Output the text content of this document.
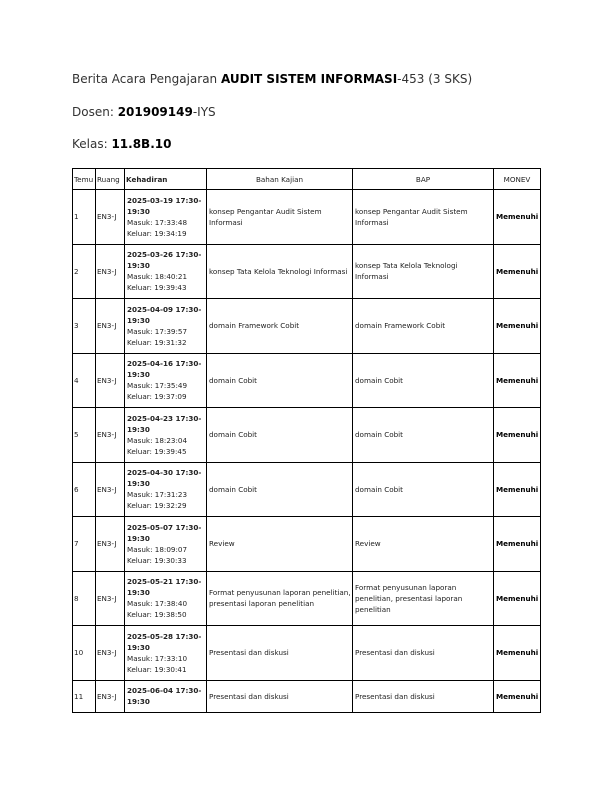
Berita Acara Pengajaran AUDIT SISTEM INFORMASI-453 (3 SKS)
Dosen: 201909149-IYS
Kelas: 11.8B.10
Temu	Ruang	Kehadiran	Bahan Kajian	BAP	MONEV
1	EN3-J	2025-03-19 17:30-19:30
Masuk: 17:33:48
Keluar: 19:34:19	konsep Pengantar Audit Sistem Informasi	konsep Pengantar Audit Sistem Informasi	Memenuhi
2	EN3-J	2025-03-26 17:30-19:30
Masuk: 18:40:21
Keluar: 19:39:43	konsep Tata Kelola Teknologi Informasi	konsep Tata Kelola Teknologi Informasi	Memenuhi
3	EN3-J	2025-04-09 17:30-19:30
Masuk: 17:39:57
Keluar: 19:31:32	domain Framework Cobit	domain Framework Cobit	Memenuhi
4	EN3-J	2025-04-16 17:30-19:30
Masuk: 17:35:49
Keluar: 19:37:09	domain Cobit	domain Cobit	Memenuhi
5	EN3-J	2025-04-23 17:30-19:30
Masuk: 18:23:04
Keluar: 19:39:45	domain Cobit	domain Cobit	Memenuhi
6	EN3-J	2025-04-30 17:30-19:30
Masuk: 17:31:23
Keluar: 19:32:29	domain Cobit	domain Cobit	Memenuhi
7	EN3-J	2025-05-07 17:30-19:30
Masuk: 18:09:07
Keluar: 19:30:33	Review	Review	Memenuhi
8	EN3-J	2025-05-21 17:30-19:30
Masuk: 17:38:40
Keluar: 19:38:50	Format penyusunan laporan penelitian, presentasi laporan penelitian	Format penyusunan laporan penelitian, presentasi laporan penelitian	Memenuhi
10	EN3-J	2025-05-28 17:30-19:30
Masuk: 17:33:10
Keluar: 19:30:41	Presentasi dan diskusi	Presentasi dan diskusi	Memenuhi
11	EN3-J	2025-06-04 17:30-19:30	Presentasi dan diskusi	Presentasi dan diskusi	Memenuhi
